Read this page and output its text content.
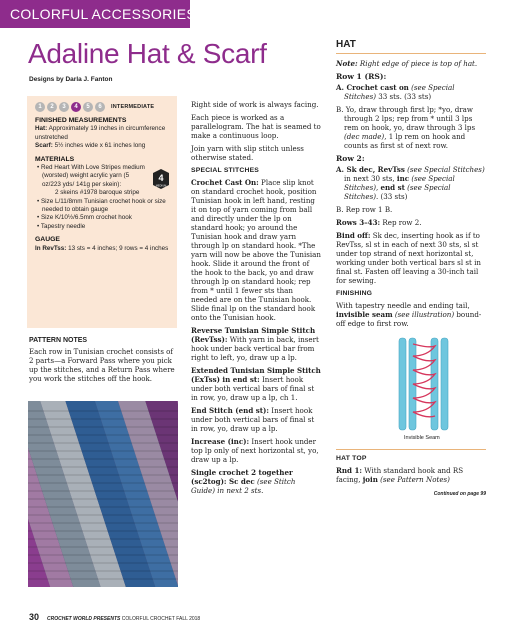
COLORFUL ACCESSORIES
Adaline Hat & Scarf
Designs by Darla J. Fanton
1	2	3	4	5	6	INTERMEDIATE
FINISHED MEASUREMENTS

Hat: Approximately 19 inches in circumference unstretched

Scarf: 5½ inches wide x 61 inches long

MATERIALS

• Red Heart With Love Stripes medium (worsted) weight acrylic yarn (5 oz/223 yds/ 141g per skein):

2 skeins #1978 baroque stripe

4
MEDIUM

• Size L/11/8mm Tunisian crochet hook or size needed to obtain gauge

• Size K/10½/6.5mm crochet hook

• Tapestry needle

GAUGE

In RevTss: 13 sts = 4 inches; 9 rows = 4 inches

PATTERN NOTES

Each row in Tunisian crochet consists of 2 parts—a Forward Pass where you pick up the stitches, and a Return Pass where you work the stitches off the hook.

Right side of work is always facing.

Each piece is worked as a parallelogram. The hat is seamed to make a continuous loop.

Join yarn with slip stitch unless otherwise stated.

SPECIAL STITCHES

Crochet Cast On: Place slip knot on standard crochet hook, position Tunisian hook in left hand, resting it on top of yarn coming from ball and directly under the lp on standard hook; yo around the Tunisian hook and draw yarn through lp on standard hook. *The yarn will now be above the Tunisian hook. Slide it around the front of the hook to the back, yo and draw through lp on standard hook; rep from * until 1 fewer sts than needed are on the Tunisian hook. Slide final lp on the standard hook onto the Tunisian hook.

Reverse Tunisian Simple Stitch (RevTss): With yarn in back, insert hook under back vertical bar from right to left, yo, draw up a lp.

Extended Tunisian Simple Stitch (ExTss) in end st: Insert hook under both vertical bars of final st in row, yo, draw up a lp, ch 1.

End Stitch (end st): Insert hook under both vertical bars of final st in row, yo, draw up a lp.

Increase (inc): Insert hook under top lp only of next horizontal st, yo, draw up a lp.

Single crochet 2 together (sc2tog): Sc dec (see Stitch Guide) in next 2 sts.

HAT

Note: Right edge of piece is top of hat.

Row 1 (RS):

A. Crochet cast on (see Special Stitches) 33 sts. (33 sts)

B. Yo, draw through first lp; *yo, draw through 2 lps; rep from * until 3 lps rem on hook, yo, draw through 3 lps (dec made), 1 lp rem on hook and counts as first st of next row.

Row 2:

A. Sk dec, RevTss (see Special Stitches) in next 30 sts, inc (see Special Stitches), end st (see Special Stitches). (33 sts)

B. Rep row 1 B.

Rows 3–43: Rep row 2.

Bind off: Sk dec, inserting hook as if to RevTss, sl st in each of next 30 sts, sl st under top strand of next horizontal st, working under both vertical bars sl st in final st. Fasten off leaving a 30-inch tail for sewing.

FINISHING

With tapestry needle and ending tail, invisible seam (see illustration) bound-off edge to first row.

Invisible Seam
HAT TOP

Rnd 1: With standard hook and RS facing, join (see Pattern Notes)

Continued on page 99
30 CROCHET WORLD PRESENTS COLORFUL CROCHET FALL 2018
